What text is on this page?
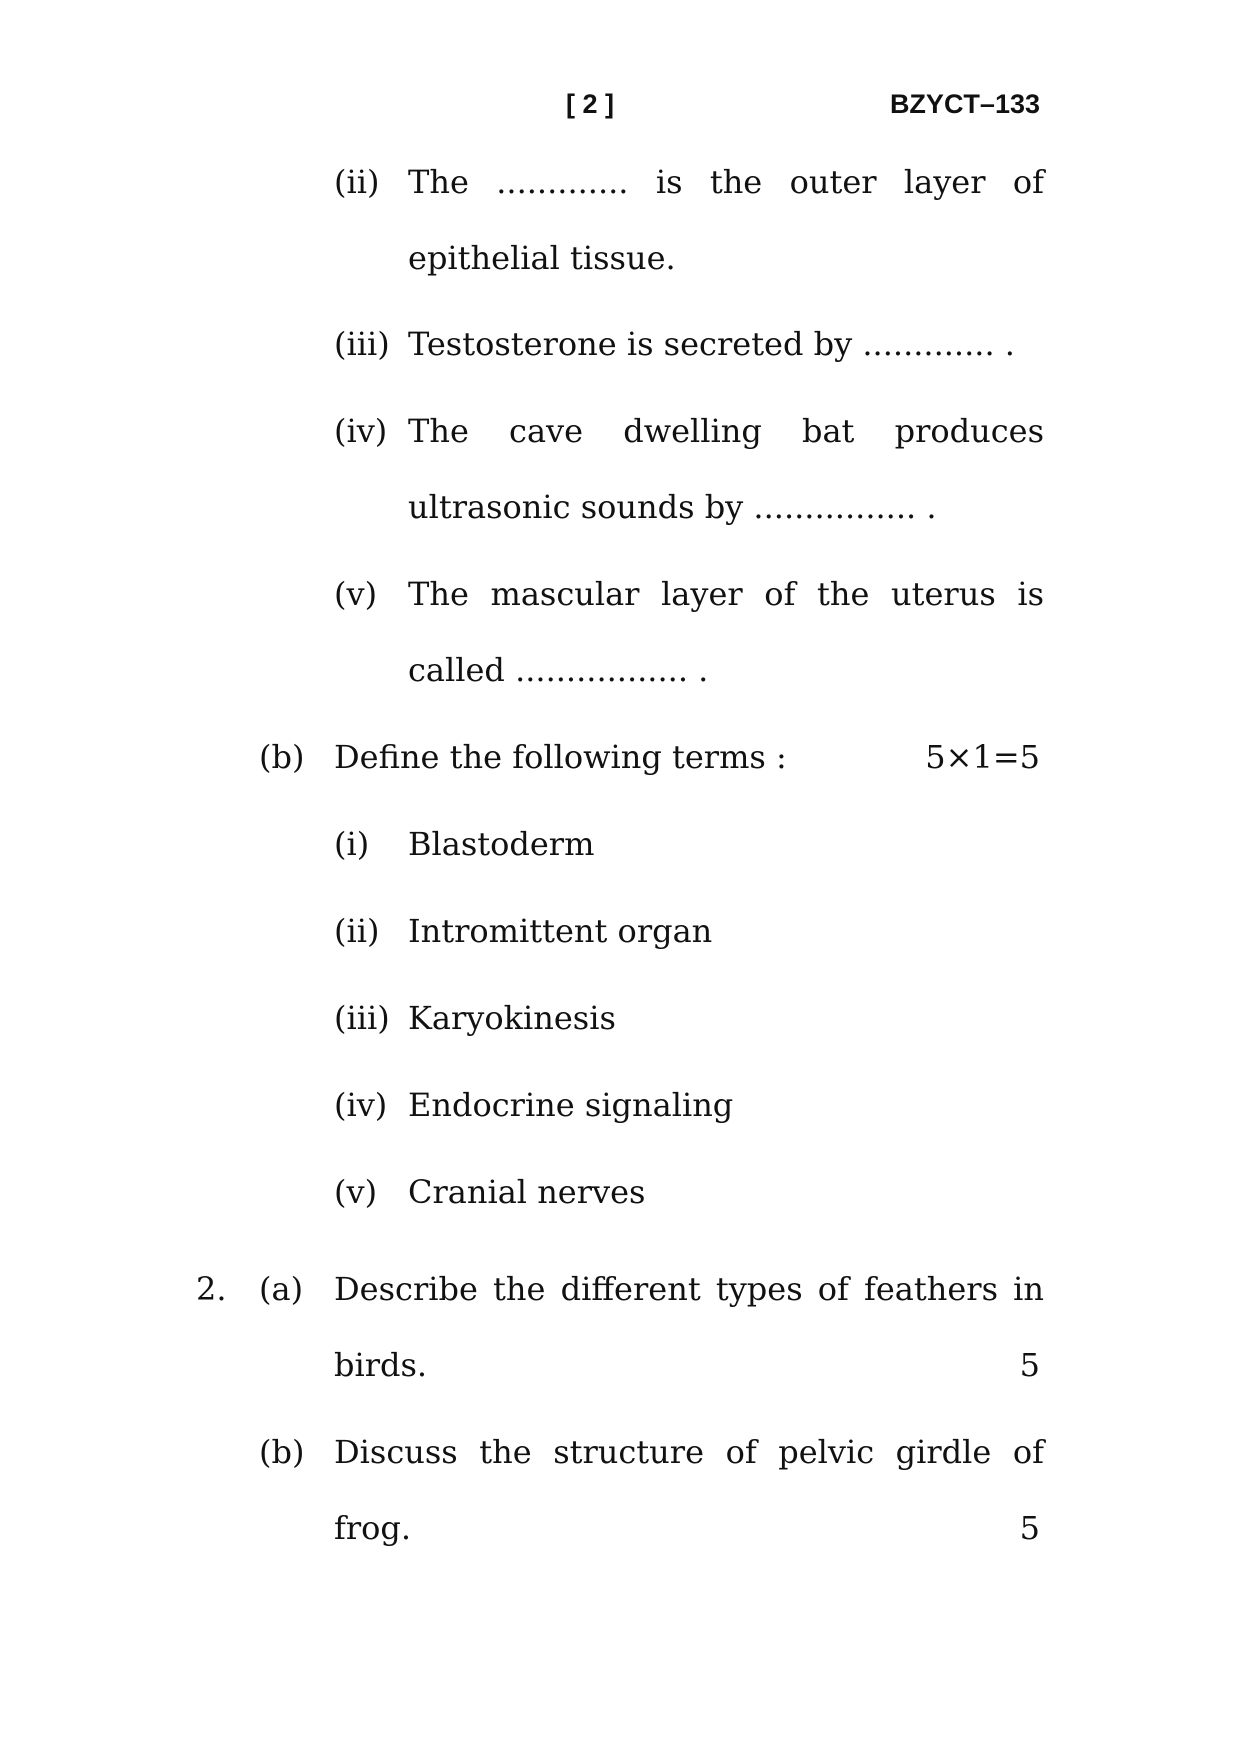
[ 2 ]	BZYCT–133
(ii) The ............. is the outer layer of
epithelial tissue.
(iii) Testosterone is secreted by ............. .
(iv) The cave dwelling bat produces
ultrasonic sounds by ................ .
(v) The mascular layer of the uterus is
called ................. .
(b) Define the following terms :	5×1=5
(i) Blastoderm
(ii) Intromittent organ
(iii) Karyokinesis
(iv) Endocrine signaling
(v) Cranial nerves
2. (a) Describe the different types of feathers in
birds.	5
(b) Discuss the structure of pelvic girdle of
frog.	5
